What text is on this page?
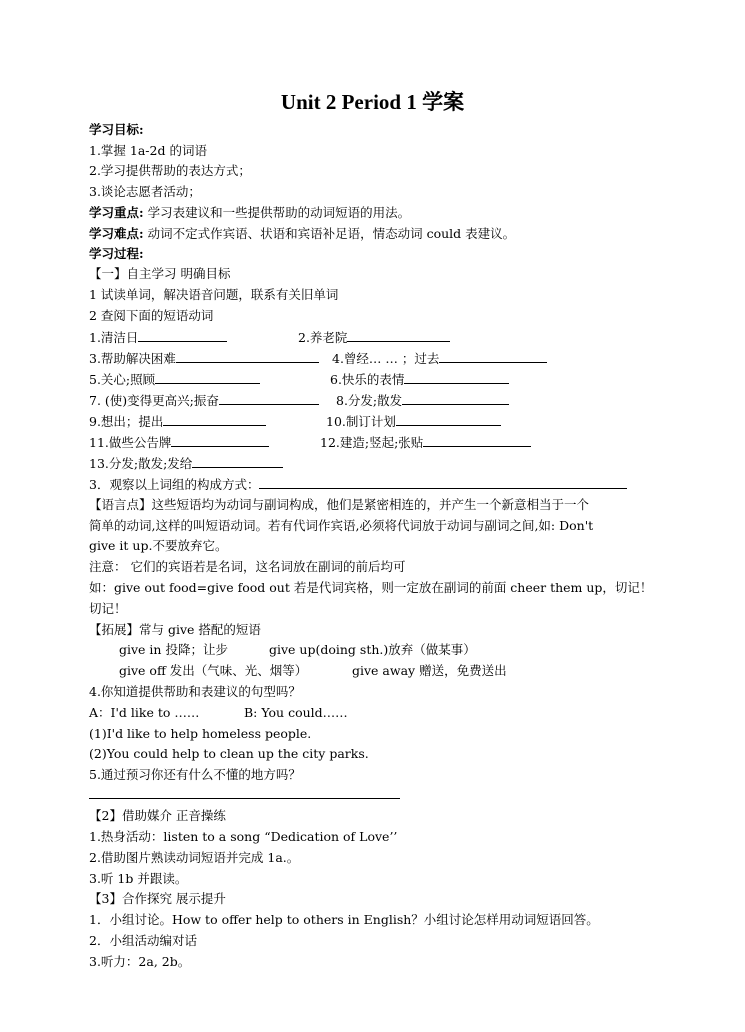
Unit 2 Period 1 学案
学习目标:
1.掌握 1a-2d 的词语
2.学习提供帮助的表达方式；
3.谈论志愿者活动；
学习重点: 学习表建议和一些提供帮助的动词短语的用法。
学习难点: 动词不定式作宾语、状语和宾语补足语，情态动词 could 表建议。
学习过程:
【一】自主学习 明确目标
1 试读单词，解决语音问题，联系有关旧单词
2 查阅下面的短语动词
1.清洁日	2.养老院
3.帮助解决困难	4.曾经… … ；过去
5.关心;照顾	6.快乐的表情
7. (使)变得更高兴;振奋	8.分发;散发
9.想出；提出	10.制订计划
11.做些公告牌	12.建造;竖起;张贴
13.分发;散发;发给
3．观察以上词组的构成方式：
【语言点】这些短语均为动词与副词构成，他们是紧密相连的，并产生一个新意相当于一个
简单的动词,这样的叫短语动词。若有代词作宾语,必须将代词放于动词与副词之间,如: Don't
give it up.不要放弃它。
注意： 它们的宾语若是名词，这名词放在副词的前后均可
如：give out food=give food out 若是代词宾格，则一定放在副词的前面 cheer them up，切记！
切记！
【拓展】常与 give 搭配的短语
give in 投降；让步	give up(doing sth.)放弃（做某事）
give off 发出（气味、光、烟等）	give away 赠送，免费送出
4.你知道提供帮助和表建议的句型吗？
A：I'd like to ……	B: You could……
(1)I'd like to help homeless people.
(2)You could help to clean up the city parks.
5.通过预习你还有什么不懂的地方吗？
【2】借助媒介 正音操练
1.热身活动：listen to a song “Dedication of Love’’
2.借助图片熟读动词短语并完成 1a.。
3.听 1b 并跟读。
【3】合作探究 展示提升
1．小组讨论。How to offer help to others in English？小组讨论怎样用动词短语回答。
2．小组活动编对话
3.听力：2a, 2b。
